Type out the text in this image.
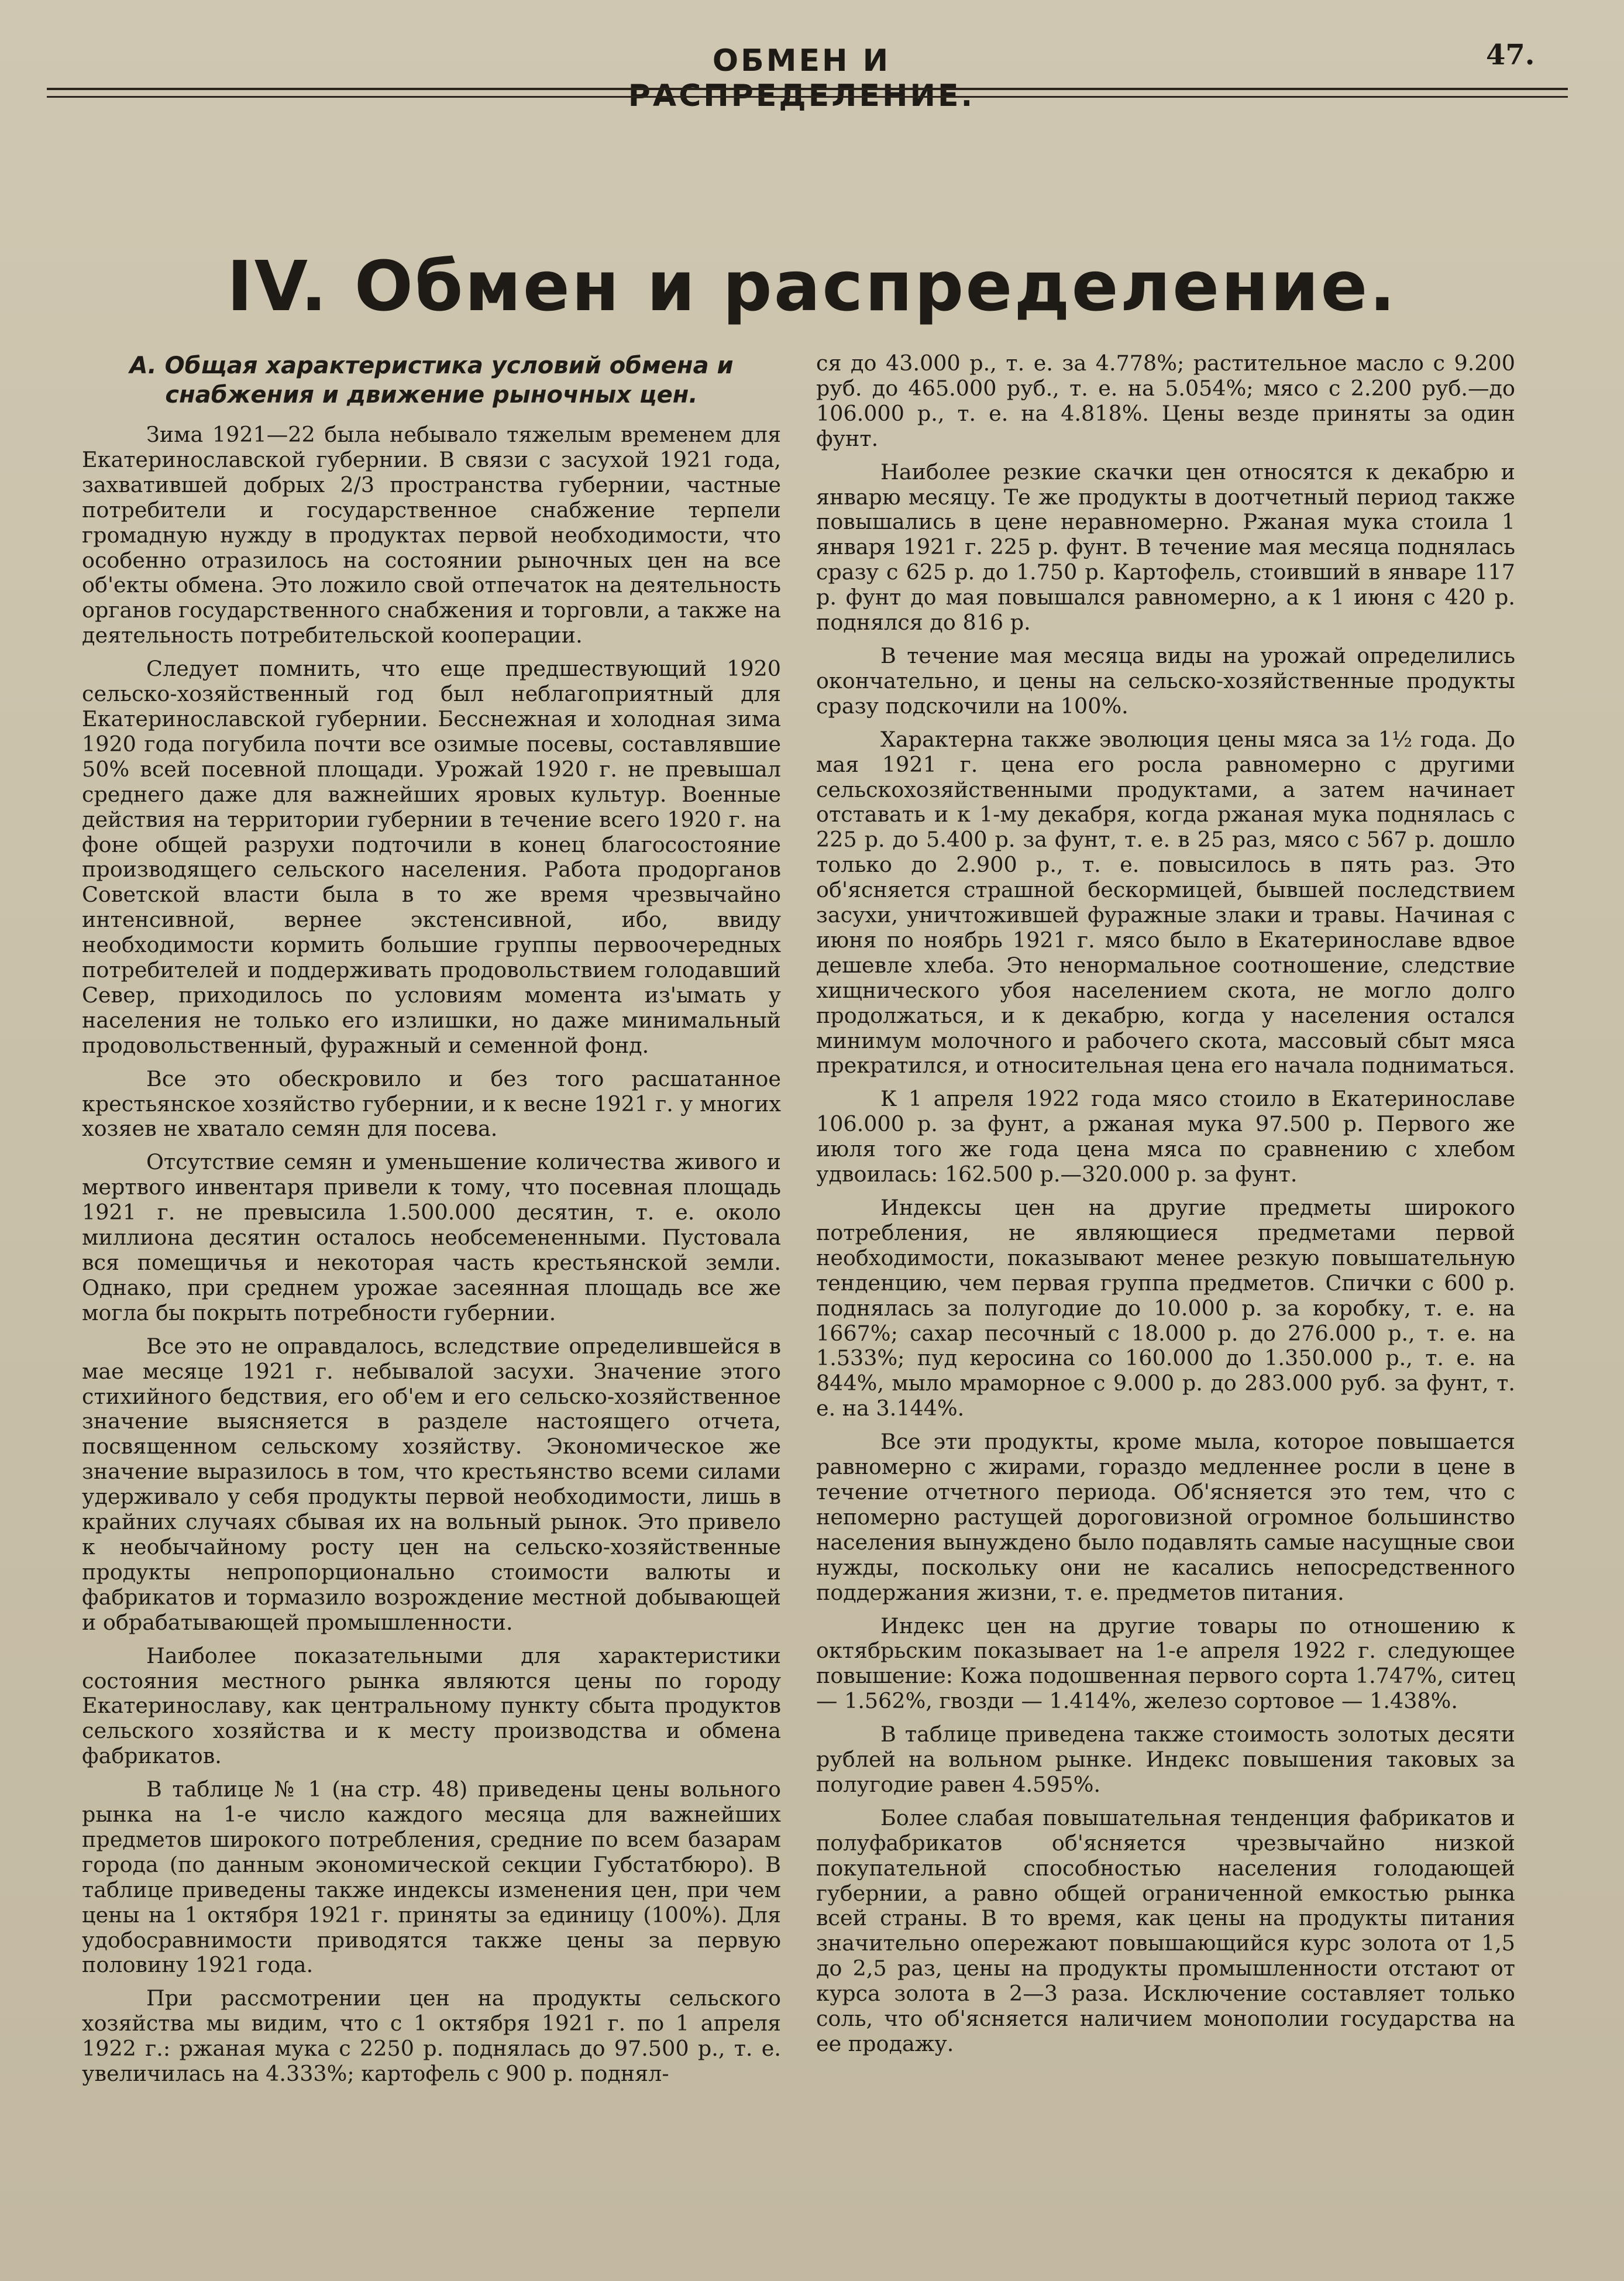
ОБМЕН И РАСПРЕДЕЛЕНИЕ.
47.
IV. Обмен и распределение.
А. Общая характеристика условий обмена и снабжения и движение рыночных цен.

Зима 1921—22 была небывало тяжелым временем для Екатеринославской губернии. В связи с засухой 1921 года, захватившей добрых 2/3 пространства губернии, частные потребители и государственное снабжение терпели громадную нужду в продуктах первой необходимости, что особенно отразилось на состоянии рыночных цен на все об'екты обмена. Это ложило свой отпечаток на деятельность органов государственного снабжения и торговли, а также на деятельность потребительской кооперации.

Следует помнить, что еще предшествующий 1920 сельско-хозяйственный год был неблагоприятный для Екатеринославской губернии. Бесснежная и холодная зима 1920 года погубила почти все озимые посевы, составлявшие 50% всей посевной площади. Урожай 1920 г. не превышал среднего даже для важнейших яровых культур. Военные действия на территории губернии в течение всего 1920 г. на фоне общей разрухи подточили в конец благосостояние производящего сельского населения. Работа продорганов Советской власти была в то же время чрезвычайно интенсивной, вернее экстенсивной, ибо, ввиду необходимости кормить большие группы первоочередных потребителей и поддерживать продовольствием голодавший Север, приходилось по условиям момента из'ымать у населения не только его излишки, но даже минимальный продовольственный, фуражный и семенной фонд.

Все это обескровило и без того расшатанное крестьянское хозяйство губернии, и к весне 1921 г. у многих хозяев не хватало семян для посева.

Отсутствие семян и уменьшение количества живого и мертвого инвентаря привели к тому, что посевная площадь 1921 г. не превысила 1.500.000 десятин, т. е. около миллиона десятин осталось необсемененными. Пустовала вся помещичья и некоторая часть крестьянской земли. Однако, при среднем урожае засеянная площадь все же могла бы покрыть потребности губернии.

Все это не оправдалось, вследствие определившейся в мае месяце 1921 г. небывалой засухи. Значение этого стихийного бедствия, его об'ем и его сельско-хозяйственное значение выясняется в разделе настоящего отчета, посвященном сельскому хозяйству. Экономическое же значение выразилось в том, что крестьянство всеми силами удерживало у себя продукты первой необходимости, лишь в крайних случаях сбывая их на вольный рынок. Это привело к необычайному росту цен на сельско-хозяйственные продукты непропорционально стоимости валюты и фабрикатов и тормазило возрождение местной добывающей и обрабатывающей промышленности.

Наиболее показательными для характеристики состояния местного рынка являются цены по городу Екатеринославу, как центральному пункту сбыта продуктов сельского хозяйства и к месту производства и обмена фабрикатов.

В таблице № 1 (на стр. 48) приведены цены вольного рынка на 1-е число каждого месяца для важнейших предметов широкого потребления, средние по всем базарам города (по данным экономической секции Губстатбюро). В таблице приведены также индексы изменения цен, при чем цены на 1 октября 1921 г. приняты за единицу (100%). Для удобосравнимости приводятся также цены за первую половину 1921 года.

При рассмотрении цен на продукты сельского хозяйства мы видим, что с 1 октября 1921 г. по 1 апреля 1922 г.: ржаная мука с 2250 р. поднялась до 97.500 р., т. е. увеличилась на 4.333%; картофель с 900 р. поднял-

ся до 43.000 р., т. е. за 4.778%; растительное масло с 9.200 руб. до 465.000 руб., т. е. на 5.054%; мясо с 2.200 руб.—до 106.000 р., т. е. на 4.818%. Цены везде приняты за один фунт.

Наиболее резкие скачки цен относятся к декабрю и январю месяцу. Те же продукты в доотчетный период также повышались в цене неравномерно. Ржаная мука стоила 1 января 1921 г. 225 р. фунт. В течение мая месяца поднялась сразу с 625 р. до 1.750 р. Картофель, стоивший в январе 117 р. фунт до мая повышался равномерно, а к 1 июня с 420 р. поднялся до 816 р.

В течение мая месяца виды на урожай определились окончательно, и цены на сельско-хозяйственные продукты сразу подскочили на 100%.

Характерна также эволюция цены мяса за 1½ года. До мая 1921 г. цена его росла равномерно с другими сельскохозяйственными продуктами, а затем начинает отставать и к 1-му декабря, когда ржаная мука поднялась с 225 р. до 5.400 р. за фунт, т. е. в 25 раз, мясо с 567 р. дошло только до 2.900 р., т. е. повысилось в пять раз. Это об'ясняется страшной бескормицей, бывшей последствием засухи, уничтожившей фуражные злаки и травы. Начиная с июня по ноябрь 1921 г. мясо было в Екатеринославе вдвое дешевле хлеба. Это ненормальное соотношение, следствие хищнического убоя населением скота, не могло долго продолжаться, и к декабрю, когда у населения остался минимум молочного и рабочего скота, массовый сбыт мяса прекратился, и относительная цена его начала подниматься.

К 1 апреля 1922 года мясо стоило в Екатеринославе 106.000 р. за фунт, а ржаная мука 97.500 р. Первого же июля того же года цена мяса по сравнению с хлебом удвоилась: 162.500 р.—320.000 р. за фунт.

Индексы цен на другие предметы широкого потребления, не являющиеся предметами первой необходимости, показывают менее резкую повышательную тенденцию, чем первая группа предметов. Спички с 600 р. поднялась за полугодие до 10.000 р. за коробку, т. е. на 1667%; сахар песочный с 18.000 р. до 276.000 р., т. е. на 1.533%; пуд керосина со 160.000 до 1.350.000 р., т. е. на 844%, мыло мраморное с 9.000 р. до 283.000 руб. за фунт, т. е. на 3.144%.

Все эти продукты, кроме мыла, которое повышается равномерно с жирами, гораздо медленнее росли в цене в течение отчетного периода. Об'ясняется это тем, что с непомерно растущей дороговизной огромное большинство населения вынуждено было подавлять самые насущные свои нужды, поскольку они не касались непосредственного поддержания жизни, т. е. предметов питания.

Индекс цен на другие товары по отношению к октябрьским показывает на 1-е апреля 1922 г. следующее повышение: Кожа подошвенная первого сорта 1.747%, ситец — 1.562%, гвозди — 1.414%, железо сортовое — 1.438%.

В таблице приведена также стоимость золотых десяти рублей на вольном рынке. Индекс повышения таковых за полугодие равен 4.595%.

Более слабая повышательная тенденция фабрикатов и полуфабрикатов об'ясняется чрезвычайно низкой покупательной способностью населения голодающей губернии, а равно общей ограниченной емкостью рынка всей страны. В то время, как цены на продукты питания значительно опережают повышающийся курс золота от 1,5 до 2,5 раз, цены на продукты промышленности отстают от курса золота в 2—3 раза. Исключение составляет только соль, что об'ясняется наличием монополии государства на ее продажу.
